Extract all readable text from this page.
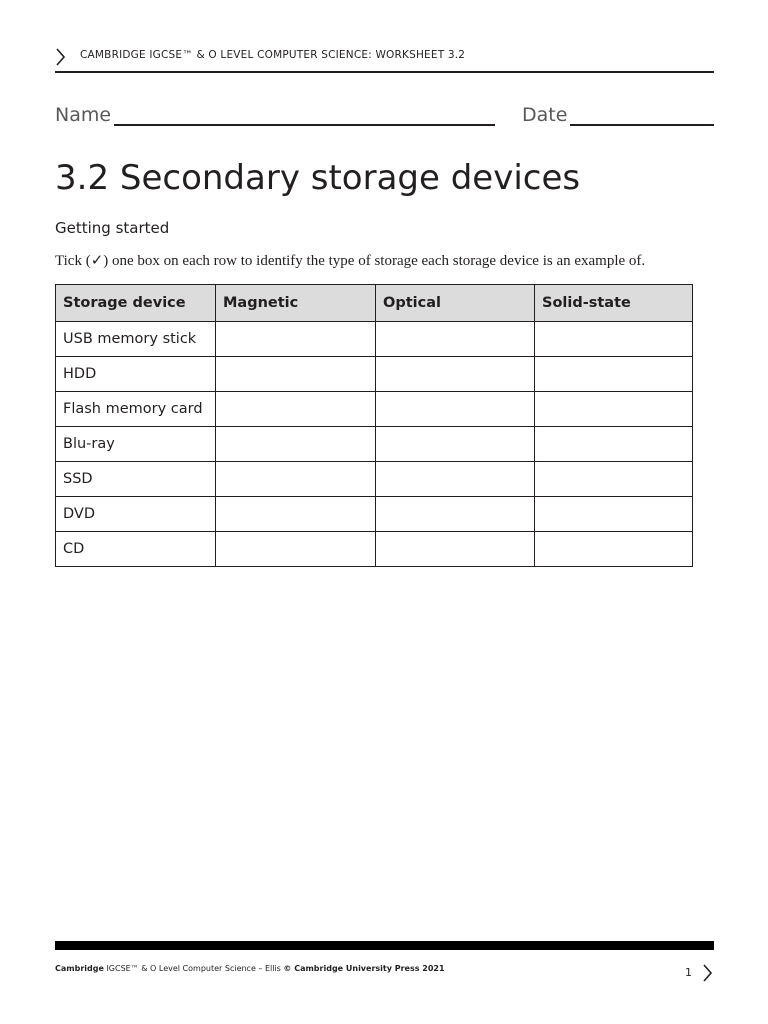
CAMBRIDGE IGCSE™ & O LEVEL COMPUTER SCIENCE: WORKSHEET 3.2
Name	Date
3.2 Secondary storage devices
Getting started
Tick (✓) one box on each row to identify the type of storage each storage device is an example of.
Storage device	Magnetic	Optical	Solid-state
USB memory stick			
HDD			
Flash memory card			
Blu-ray			
SSD			
DVD			
CD			
Cambridge IGCSE™ & O Level Computer Science – Ellis © Cambridge University Press 2021	1
